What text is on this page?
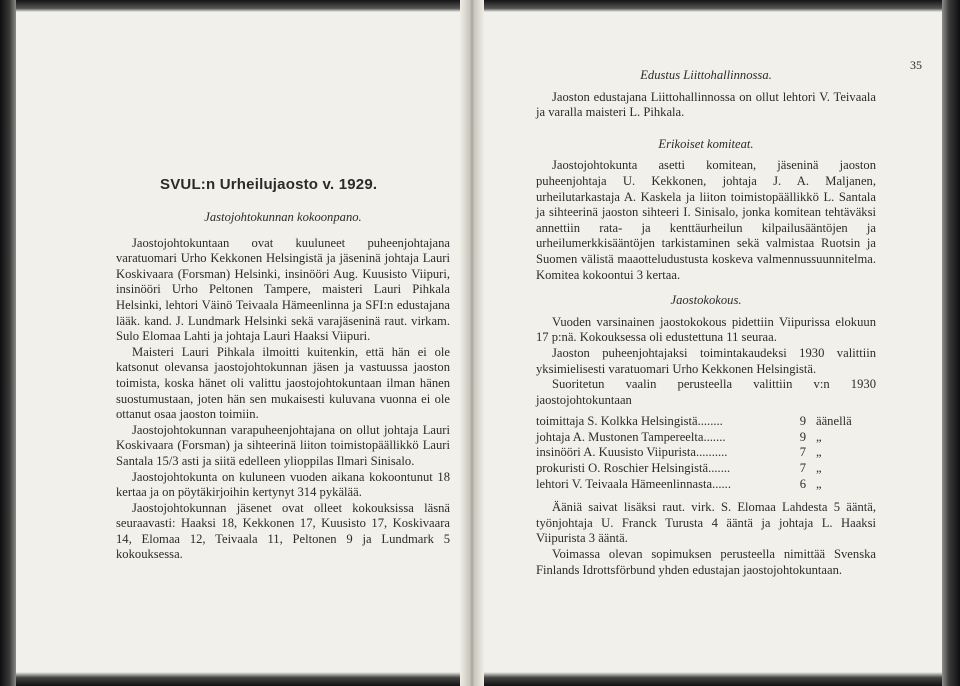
SVUL:n Urheilujaosto v. 1929.

Jastojohtokunnan kokoonpano.

Jaostojohtokuntaan ovat kuuluneet puheenjohtajana varatuomari Urho Kekkonen Helsingistä ja jäseninä johtaja Lauri Koskivaara (Forsman) Helsinki, insinööri Aug. Kuusisto Viipuri, insinööri Urho Peltonen Tampere, maisteri Lauri Pihkala Helsinki, lehtori Väinö Teivaala Hämeenlinna ja SFI:n edustajana lääk. kand. J. Lundmark Helsinki sekä varajäseninä raut. virkam. Sulo Elomaa Lahti ja johtaja Lauri Haaksi Viipuri.

Maisteri Lauri Pihkala ilmoitti kuitenkin, että hän ei ole katsonut olevansa jaostojohtokunnan jäsen ja vastuussa jaoston toimista, koska hänet oli valittu jaostojohtokuntaan ilman hänen suostumustaan, joten hän sen mukaisesti kuluvana vuonna ei ole ottanut osaa jaoston toimiin.

Jaostojohtokunnan varapuheenjohtajana on ollut johtaja Lauri Koskivaara (Forsman) ja sihteerinä liiton toimistopäällikkö Lauri Santala 15/3 asti ja siitä edelleen ylioppilas Ilmari Sinisalo.

Jaostojohtokunta on kuluneen vuoden aikana kokoontunut 18 kertaa ja on pöytäkirjoihin kertynyt 314 pykälää.

Jaostojohtokunnan jäsenet ovat olleet kokouksissa läsnä seuraavasti: Haaksi 18, Kekkonen 17, Kuusisto 17, Koskivaara 14, Elomaa 12, Teivaala 11, Peltonen 9 ja Lundmark 5 kokouksessa.

35

Edustus Liittohallinnossa.

Jaoston edustajana Liittohallinnossa on ollut lehtori V. Teivaala ja varalla maisteri L. Pihkala.

Erikoiset komiteat.

Jaostojohtokunta asetti komitean, jäseninä jaoston puheenjohtaja U. Kekkonen, johtaja J. A. Maljanen, urheilutarkastaja A. Kaskela ja liiton toimistopäällikkö L. Santala ja sihteerinä jaoston sihteeri I. Sinisalo, jonka komitean tehtäväksi annettiin rata- ja kenttäurheilun kilpailusääntöjen ja urheilumerkkisääntöjen tarkistaminen sekä valmistaa Ruotsin ja Suomen välistä maaotteludustusta koskeva valmennussuunnitelma. Komitea kokoontui 3 kertaa.

Jaostokokous.

Vuoden varsinainen jaostokokous pidettiin Viipurissa elokuun 17 p:nä. Kokouksessa oli edustettuna 11 seuraa.

Jaoston puheenjohtajaksi toimintakaudeksi 1930 valittiin yksimielisesti varatuomari Urho Kekkonen Helsingistä.

Suoritetun vaalin perusteella valittiin v:n 1930 jaostojohtokuntaan

toimittaja S. Kolkka Helsingistä ........	9 äänellä
johtaja A. Mustonen Tampereelta .......	9 „
insinööri A. Kuusisto Viipurista ..........	7 „
prokuristi O. Roschier Helsingistä .......	7 „
lehtori V. Teivaala Hämeenlinnasta ......	6 „

Ääniä saivat lisäksi raut. virk. S. Elomaa Lahdesta 5 ääntä, työnjohtaja U. Franck Turusta 4 ääntä ja johtaja L. Haaksi Viipurista 3 ääntä.

Voimassa olevan sopimuksen perusteella nimittää Svenska Finlands Idrottsförbund yhden edustajan jaostojohtokuntaan.
